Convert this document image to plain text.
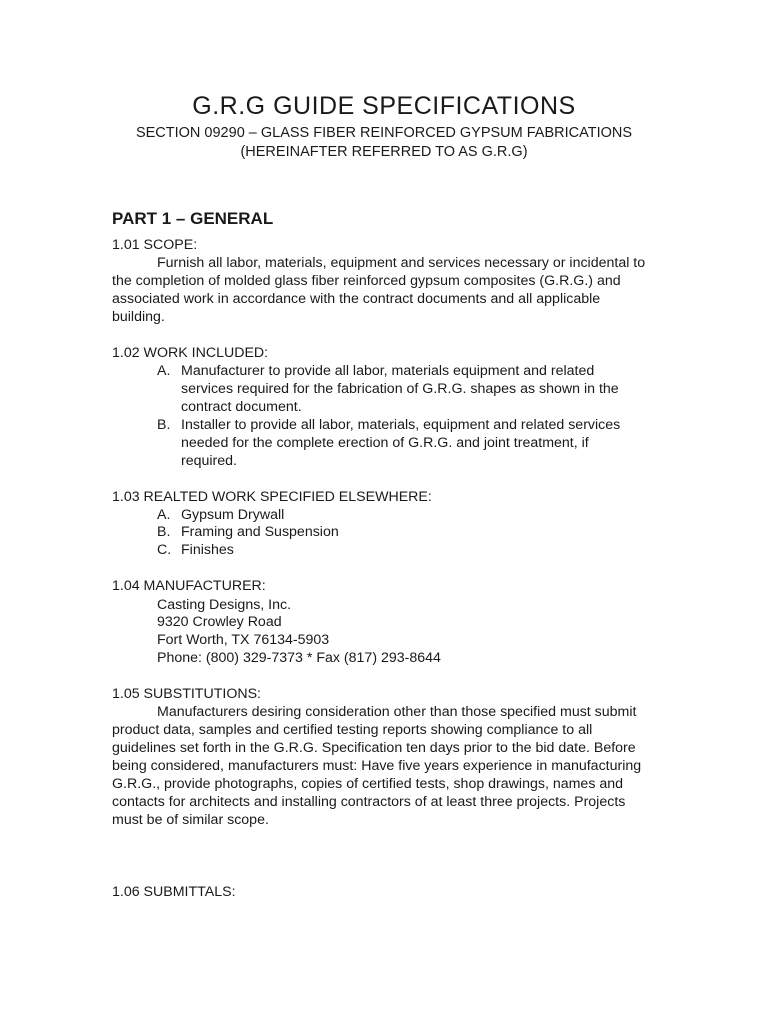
G.R.G GUIDE SPECIFICATIONS
SECTION 09290 – GLASS FIBER REINFORCED GYPSUM FABRICATIONS
(HEREINAFTER REFERRED TO AS G.R.G)
PART 1 – GENERAL
1.01 SCOPE:
Furnish all labor, materials, equipment and services necessary or incidental to
the completion of molded glass fiber reinforced gypsum composites (G.R.G.) and
associated work in accordance with the contract documents and all applicable
building.
1.02 WORK INCLUDED:
A. Manufacturer to provide all labor, materials equipment and related
services required for the fabrication of G.R.G. shapes as shown in the
contract document.
B. Installer to provide all labor, materials, equipment and related services
needed for the complete erection of G.R.G. and joint treatment, if
required.
1.03 REALTED WORK SPECIFIED ELSEWHERE:
A. Gypsum Drywall
B. Framing and Suspension
C. Finishes
1.04 MANUFACTURER:
Casting Designs, Inc.
9320 Crowley Road
Fort Worth, TX 76134-5903
Phone: (800) 329-7373 * Fax (817) 293-8644
1.05 SUBSTITUTIONS:
Manufacturers desiring consideration other than those specified must submit
product data, samples and certified testing reports showing compliance to all
guidelines set forth in the G.R.G. Specification ten days prior to the bid date. Before
being considered, manufacturers must: Have five years experience in manufacturing
G.R.G., provide photographs, copies of certified tests, shop drawings, names and
contacts for architects and installing contractors of at least three projects. Projects
must be of similar scope.
1.06 SUBMITTALS:
